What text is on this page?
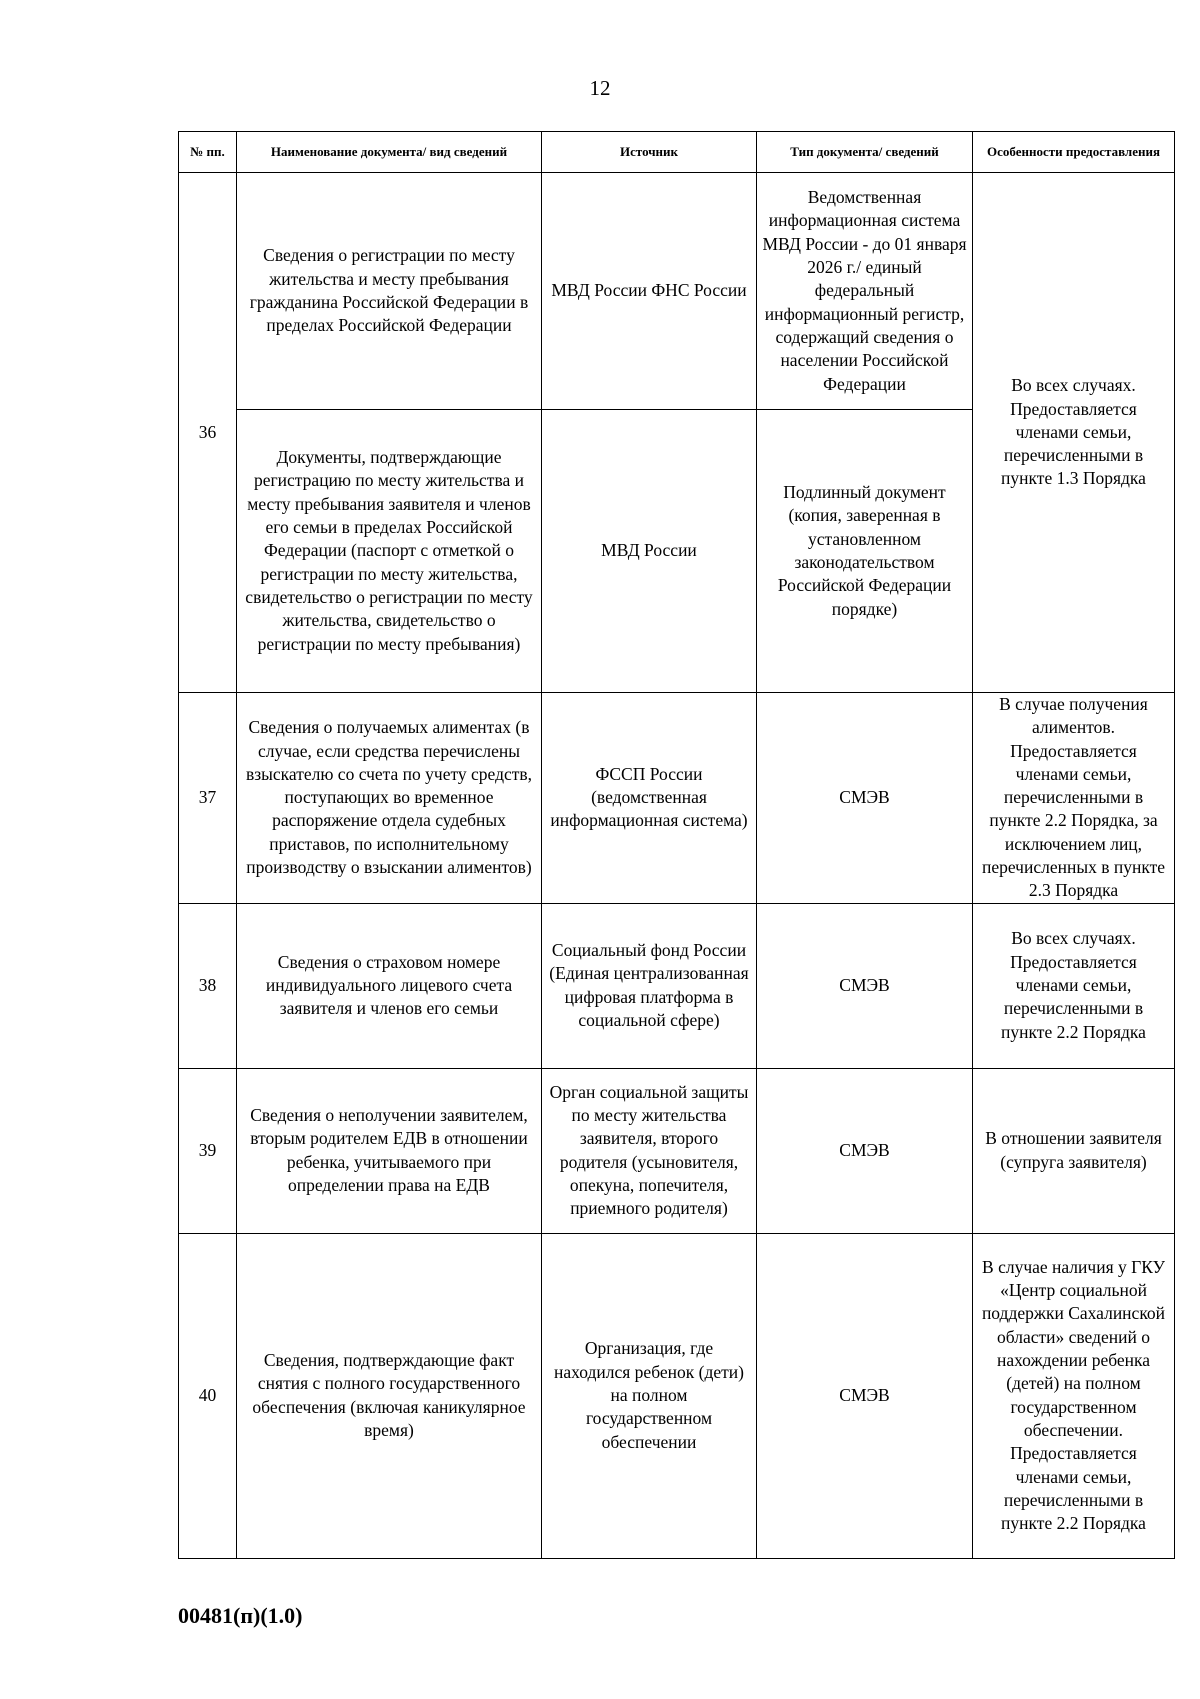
12
№ пп.	Наименование документа/ вид сведений	Источник	Тип документа/ сведений	Особенности предоставления
36	Сведения о регистрации по месту жительства и месту пребывания гражданина Российской Федерации в пределах Российской Федерации	МВД России ФНС России	Ведомственная информационная система МВД России - до 01 января 2026 г./ единый федеральный информационный регистр, содержащий сведения о населении Российской Федерации	Во всех случаях. Предоставляется членами семьи, перечисленными в пункте 1.3 Порядка
	Документы, подтверждающие регистрацию по месту жительства и месту пребывания заявителя и членов его семьи в пределах Российской Федерации (паспорт с отметкой о регистрации по месту жительства, свидетельство о регистрации по месту жительства, свидетельство о регистрации по месту пребывания)	МВД России	Подлинный документ (копия, заверенная в установленном законодательством Российской Федерации порядке)	
37	Сведения о получаемых алиментах (в случае, если средства перечислены взыскателю со счета по учету средств, поступающих во временное распоряжение отдела судебных приставов, по исполнительному производству о взыскании алиментов)	ФССП России (ведомственная информационная система)	СМЭВ	В случае получения алиментов. Предоставляется членами семьи, перечисленными в пункте 2.2 Порядка, за исключением лиц, перечисленных в пункте 2.3 Порядка
38	Сведения о страховом номере индивидуального лицевого счета заявителя и членов его семьи	Социальный фонд России (Единая централизованная цифровая платформа в социальной сфере)	СМЭВ	Во всех случаях. Предоставляется членами семьи, перечисленными в пункте 2.2 Порядка
39	Сведения о неполучении заявителем, вторым родителем ЕДВ в отношении ребенка, учитываемого при определении права на ЕДВ	Орган социальной защиты по месту жительства заявителя, второго родителя (усыновителя, опекуна, попечителя, приемного родителя)	СМЭВ	В отношении заявителя (супруга заявителя)
40	Сведения, подтверждающие факт снятия с полного государственного обеспечения (включая каникулярное время)	Организация, где находился ребенок (дети) на полном государственном обеспечении	СМЭВ	В случае наличия у ГКУ «Центр социальной поддержки Сахалинской области» сведений о нахождении ребенка (детей) на полном государственном обеспечении. Предоставляется членами семьи, перечисленными в пункте 2.2 Порядка
00481(п)(1.0)
